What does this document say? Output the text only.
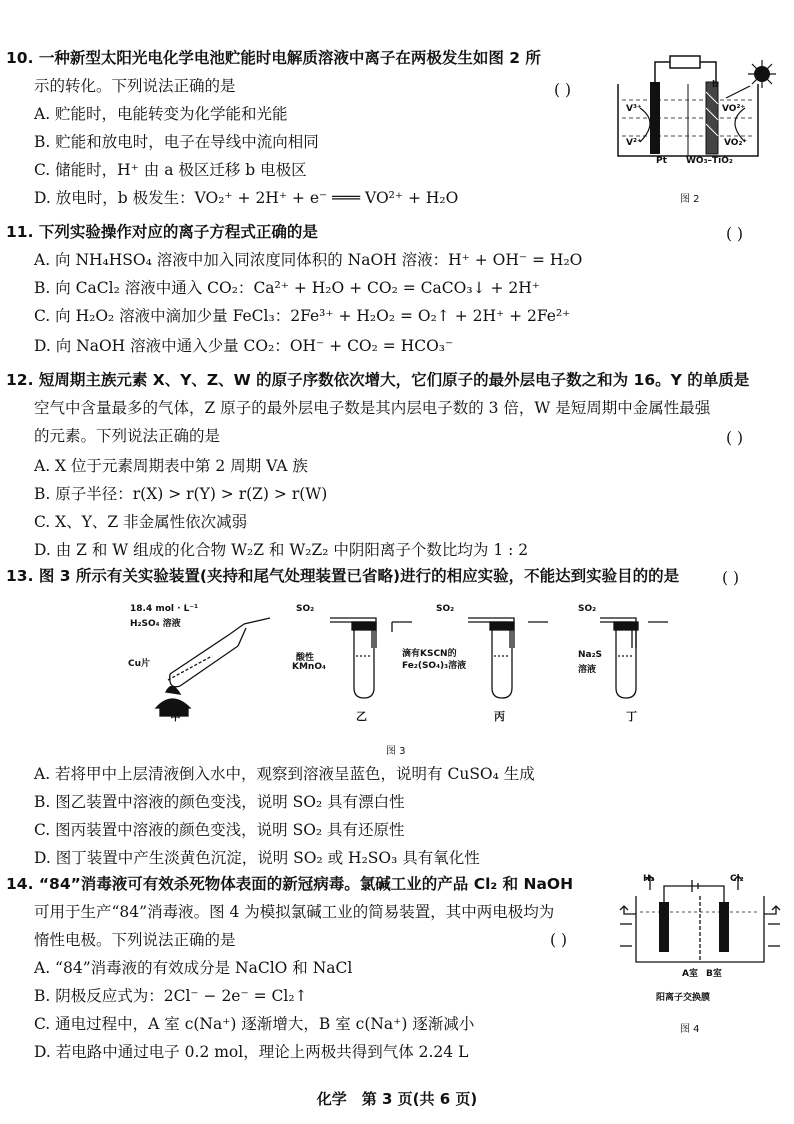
10. 一种新型太阳光电化学电池贮能时电解质溶液中离子在两极发生如图 2 所
示的转化。下列说法正确的是	( )
A. 贮能时，电能转变为化学能和光能
B. 贮能和放电时，电子在导线中流向相同
C. 储能时，H⁺ 由 a 极区迁移 b 电极区
D. 放电时，b 极发生：VO₂⁺ + 2H⁺ + e⁻ ═══ VO²⁺ + H₂O
a	b
V³⁺
V²⁺
VO²⁺
VO₂⁺
Pt WO₃–TiO₂
图 2
11. 下列实验操作对应的离子方程式正确的是	( )
A. 向 NH₄HSO₄ 溶液中加入同浓度同体积的 NaOH 溶液：H⁺ + OH⁻ = H₂O
B. 向 CaCl₂ 溶液中通入 CO₂：Ca²⁺ + H₂O + CO₂ = CaCO₃↓ + 2H⁺
C. 向 H₂O₂ 溶液中滴加少量 FeCl₃：2Fe³⁺ + H₂O₂ = O₂↑ + 2H⁺ + 2Fe²⁺
D. 向 NaOH 溶液中通入少量 CO₂：OH⁻ + CO₂ = HCO₃⁻
12. 短周期主族元素 X、Y、Z、W 的原子序数依次增大，它们原子的最外层电子数之和为 16。Y 的单质是
空气中含量最多的气体，Z 原子的最外层电子数是其内层电子数的 3 倍，W 是短周期中金属性最强
的元素。下列说法正确的是	( )
A. X 位于元素周期表中第 2 周期 VA 族
B. 原子半径：r(X) > r(Y) > r(Z) > r(W)
C. X、Y、Z 非金属性依次减弱
D. 由 Z 和 W 组成的化合物 W₂Z 和 W₂Z₂ 中阴阳离子个数比均为 1 : 2
13. 图 3 所示有关实验装置(夹持和尾气处理装置已省略)进行的相应实验，不能达到实验目的的是	( )
18.4 mol · L⁻¹
H₂SO₄ 溶液
Cu片
SO₂
酸性
KMnO₄
SO₂
滴有KSCN的
Fe₂(SO₄)₃溶液
SO₂
Na₂S
溶液
甲	乙	丙	丁
图 3
A. 若将甲中上层清液倒入水中，观察到溶液呈蓝色，说明有 CuSO₄ 生成
B. 图乙装置中溶液的颜色变浅，说明 SO₂ 具有漂白性
C. 图丙装置中溶液的颜色变浅，说明 SO₂ 具有还原性
D. 图丁装置中产生淡黄色沉淀，说明 SO₂ 或 H₂SO₃ 具有氧化性
14. “84”消毒液可有效杀死物体表面的新冠病毒。氯碱工业的产品 Cl₂ 和 NaOH
可用于生产“84”消毒液。图 4 为模拟氯碱工业的简易装置，其中两电极均为
惰性电极。下列说法正确的是	( )
A. “84”消毒液的有效成分是 NaClO 和 NaCl
B. 阴极反应式为：2Cl⁻ − 2e⁻ = Cl₂↑
C. 通电过程中，A 室 c(Na⁺) 逐渐增大，B 室 c(Na⁺) 逐渐减小
D. 若电路中通过电子 0.2 mol，理论上两极共得到气体 2.24 L
H₂	Cl₂
A室 B室
阳离子交换膜
图 4
化学　第 3 页(共 6 页)
